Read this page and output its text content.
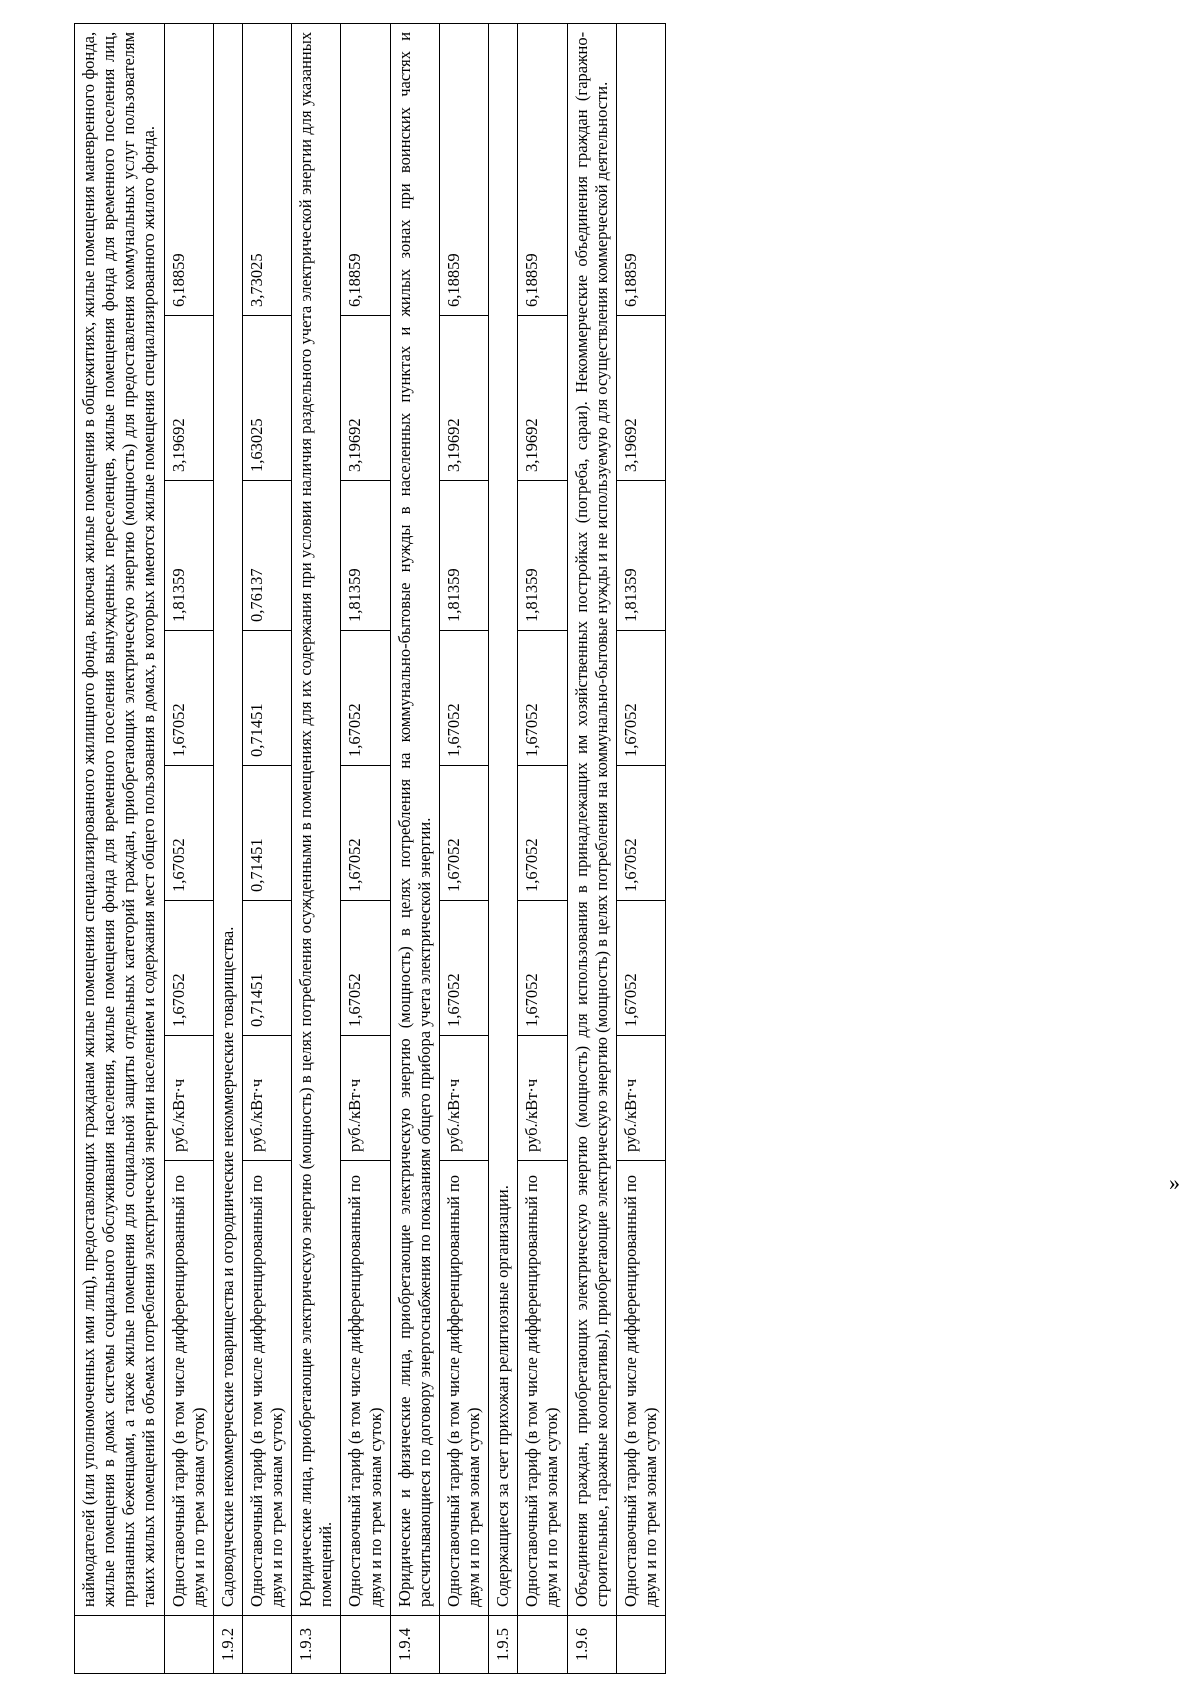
	наймодателей (или уполномоченных ими лиц), предоставляющих гражданам жилые помещения специализированного жилищного фонда, включая жилые помещения в общежитиях, жилые помещения маневренного фонда, жилые помещения в домах системы социального обслуживания населения, жилые помещения фонда для временного поселения вынужденных переселенцев, жилые помещения фонда для временного поселения лиц, признанных беженцами, а также жилые помещения для социальной защиты отдельных категорий граждан, приобретающих электрическую энергию (мощность) для предоставления коммунальных услуг пользователям таких жилых помещений в объемах потребления электрической энергии населением и содержания мест общего пользования в домах, в которых имеются жилые помещения специализированного жилого фонда.							
	Одноставочный тариф (в том числе дифференцированный по двум и по трем зонам суток)	руб./кВт·ч	1,67052	1,67052	1,67052	1,81359	3,19692	6,18859
1.9.2	Садоводческие некоммерческие товарищества и огороднические некоммерческие товарищества.							
	Одноставочный тариф (в том числе дифференцированный по двум и по трем зонам суток)	руб./кВт·ч	0,71451	0,71451	0,71451	0,76137	1,63025	3,73025
1.9.3	Юридические лица, приобретающие электрическую энергию (мощность) в целях потребления осужденными в помещениях для их содержания при условии наличия раздельного учета электрической энергии для указанных помещений.							
	Одноставочный тариф (в том числе дифференцированный по двум и по трем зонам суток)	руб./кВт·ч	1,67052	1,67052	1,67052	1,81359	3,19692	6,18859
1.9.4	Юридические и физические лица, приобретающие электрическую энергию (мощность) в целях потребления на коммунально-бытовые нужды в населенных пунктах и жилых зонах при воинских частях и рассчитывающиеся по договору энергоснабжения по показаниям общего прибора учета электрической энергии.							
	Одноставочный тариф (в том числе дифференцированный по двум и по трем зонам суток)	руб./кВт·ч	1,67052	1,67052	1,67052	1,81359	3,19692	6,18859
1.9.5	Содержащиеся за счет прихожан религиозные организации.							
	Одноставочный тариф (в том числе дифференцированный по двум и по трем зонам суток)	руб./кВт·ч	1,67052	1,67052	1,67052	1,81359	3,19692	6,18859
1.9.6	Объединения граждан, приобретающих электрическую энергию (мощность) для использования в принадлежащих им хозяйственных постройках (погреба, сараи). Некоммерческие объединения граждан (гаражно-строительные, гаражные кооперативы), приобретающие электрическую энергию (мощность) в целях потребления на коммунально-бытовые нужды и не используемую для осуществления коммерческой деятельности.							
	Одноставочный тариф (в том числе дифференцированный по двум и по трем зонам суток)	руб./кВт·ч	1,67052	1,67052	1,67052	1,81359	3,19692	6,18859
»
